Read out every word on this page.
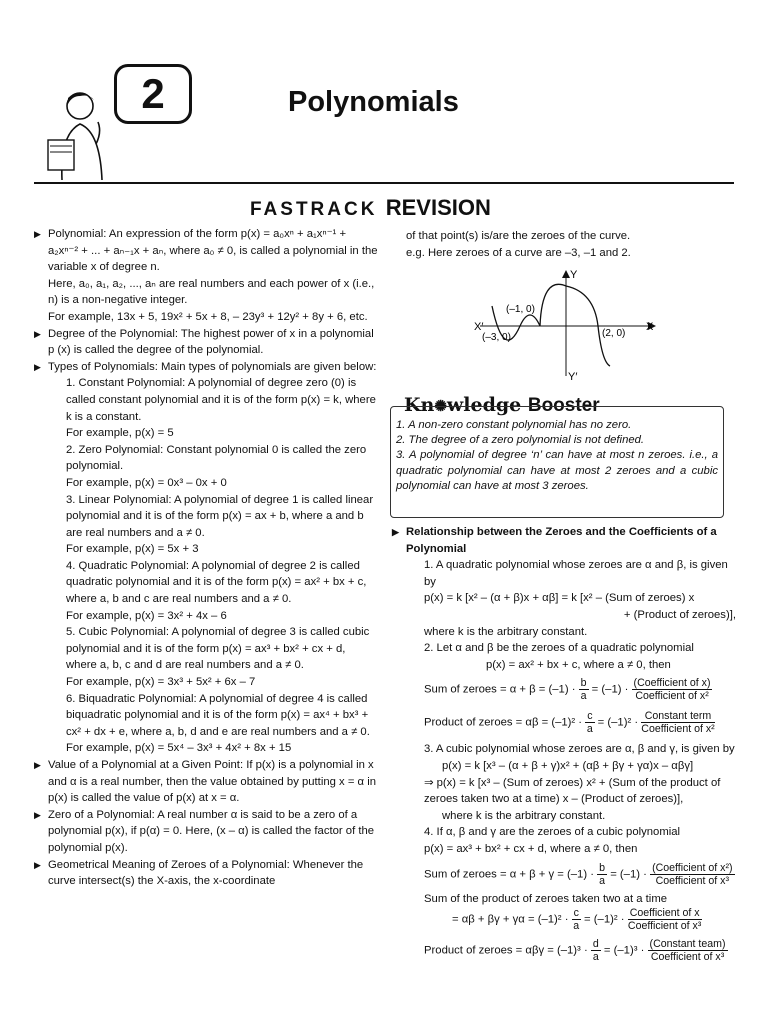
2	Polynomials
FASTRACK REVISION

▶ Polynomial: An expression of the form p(x) = a₀xⁿ + a₁xⁿ⁻¹ + a₂xⁿ⁻² + ... + aₙ₋₁x + aₙ, where a₀ ≠ 0, is called a polynomial in the variable x of degree n.

Here, a₀, a₁, a₂, ..., aₙ are real numbers and each power of x (i.e., n) is a non-negative integer.

For example, 13x + 5, 19x² + 5x + 8, – 23y³ + 12y² + 8y + 6, etc.

▶ Degree of the Polynomial: The highest power of x in a polynomial p (x) is called the degree of the polynomial.

▶ Types of Polynomials: Main types of polynomials are given below:

1. Constant Polynomial: A polynomial of degree zero (0) is called constant polynomial and it is of the form p(x) = k, where k is a constant.

For example, p(x) = 5

2. Zero Polynomial: Constant polynomial 0 is called the zero polynomial.

For example, p(x) = 0x³ – 0x + 0

3. Linear Polynomial: A polynomial of degree 1 is called linear polynomial and it is of the form p(x) = ax + b, where a and b are real numbers and a ≠ 0.

For example, p(x) = 5x + 3

4. Quadratic Polynomial: A polynomial of degree 2 is called quadratic polynomial and it is of the form p(x) = ax² + bx + c, where a, b and c are real numbers and a ≠ 0.

For example, p(x) = 3x² + 4x – 6

5. Cubic Polynomial: A polynomial of degree 3 is called cubic polynomial and it is of the form p(x) = ax³ + bx² + cx + d, where a, b, c and d are real numbers and a ≠ 0.

For example, p(x) = 3x³ + 5x² + 6x – 7

6. Biquadratic Polynomial: A polynomial of degree 4 is called biquadratic polynomial and it is of the form p(x) = ax⁴ + bx³ + cx² + dx + e, where a, b, d and e are real numbers and a ≠ 0.

For example, p(x) = 5x⁴ – 3x³ + 4x² + 8x + 15

▶ Value of a Polynomial at a Given Point: If p(x) is a polynomial in x and α is a real number, then the value obtained by putting x = α in p(x) is called the value of p(x) at x = α.

▶ Zero of a Polynomial: A real number α is said to be a zero of a polynomial p(x), if p(α) = 0. Here, (x – α) is called the factor of the polynomial p(x).

▶ Geometrical Meaning of Zeroes of a Polynomial: Whenever the curve intersect(s) the X-axis, the x-coordinate

of that point(s) is/are the zeroes of the curve.

e.g. Here zeroes of a curve are –3, –1 and 2.

Y
Y′
X
X′
(–1, 0)
(–3, 0)	(2, 0)
Kn✺wledge Booster
1. A non-zero constant polynomial has no zero.
2. The degree of a zero polynomial is not defined.
3. A polynomial of degree ‘n’ can have at most n zeroes. i.e., a quadratic polynomial can have at most 2 zeroes and a cubic polynomial can have at most 3 zeroes.

▶ Relationship between the Zeroes and the Coefficients of a Polynomial

1. A quadratic polynomial whose zeroes are α and β, is given by

p(x) = k [x² – (α + β)x + αβ] = k [x² – (Sum of zeroes) x

+ (Product of zeroes)],

where k is the arbitrary constant.

2. Let α and β be the zeroes of a quadratic polynomial

p(x) = ax² + bx + c, where a ≠ 0, then

Sum of zeroes = $\alpha + \beta = (-1) \cdot \frac{b}{a} = (-1) \cdot \frac{\text{(Coefficient of x)}}{\text{Coefficient of x²}}$

Product of zeroes = $\alpha\beta = (-1)^2 \cdot \frac{c}{a} = (-1)^2 \cdot \frac{\text{Constant term}}{\text{Coefficient of x²}}$

3. A cubic polynomial whose zeroes are α, β and γ, is given by

p(x) = k [x³ – (α + β + γ)x² + (αβ + βγ + γα)x – αβγ]

⇒ p(x) = k [x³ – (Sum of zeroes) x² + (Sum of the product of zeroes taken two at a time) x – (Product of zeroes)],

where k is the arbitrary constant.

4. If α, β and γ are the zeroes of a cubic polynomial

p(x) = ax³ + bx² + cx + d, where a ≠ 0, then

Sum of zeroes = $\alpha + \beta + \gamma = (-1) \cdot \frac{b}{a} = (-1) \cdot \frac{\text{(Coefficient of x²)}}{\text{Coefficient of x³}}$

Sum of the product of zeroes taken two at a time

= $\alpha\beta + \beta\gamma + \gamma\alpha = (-1)^2 \cdot \frac{c}{a} = (-1)^2 \cdot \frac{\text{Coefficient of x}}{\text{Coefficient of x³}}$

Product of zeroes = $\alpha\beta\gamma = (-1)^3 \cdot \frac{d}{a} = (-1)^3 \cdot \frac{\text{(Constant team)}}{\text{Coefficient of x³}}$
